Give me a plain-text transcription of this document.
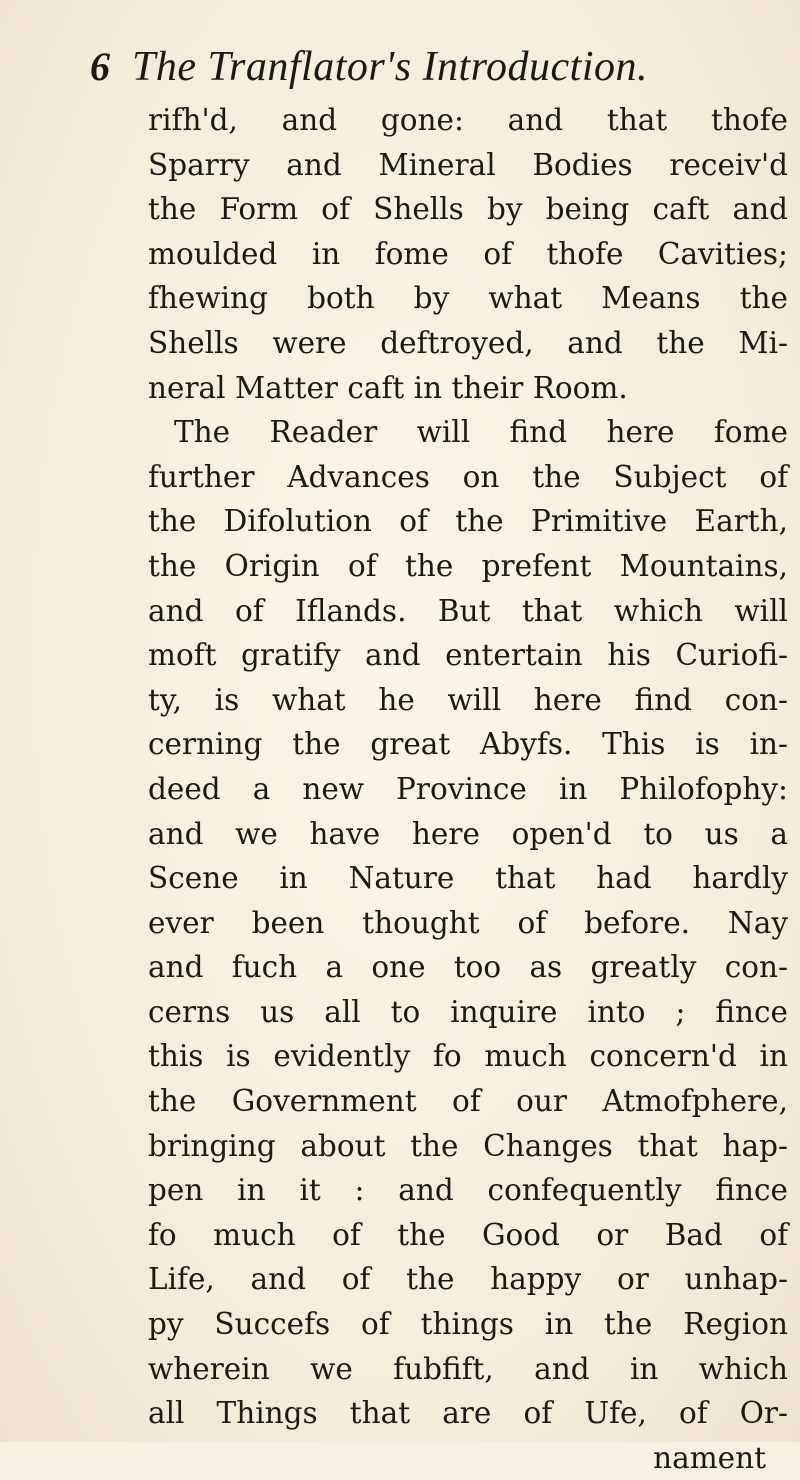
6 The Tranflator's Introduction.
rifh'd, and gone: and that thofe
Sparry and Mineral Bodies receiv'd
the Form of Shells by being caft and
moulded in fome of thofe Cavities;
fhewing both by what Means the
Shells were deftroyed, and the Mi-
neral Matter caft in their Room.
The Reader will find here fome
further Advances on the Subject of
the Difolution of the Primitive Earth,
the Origin of the prefent Mountains,
and of Iflands. But that which will
moft gratify and entertain his Curiofi-
ty, is what he will here find con-
cerning the great Abyfs. This is in-
deed a new Province in Philofophy:
and we have here open'd to us a
Scene in Nature that had hardly
ever been thought of before. Nay
and fuch a one too as greatly con-
cerns us all to inquire into ; fince
this is evidently fo much concern'd in
the Government of our Atmofphere,
bringing about the Changes that hap-
pen in it : and confequently fince
fo much of the Good or Bad of
Life, and of the happy or unhap-
py Succefs of things in the Region
wherein we fubfift, and in which
all Things that are of Ufe, of Or-
nament
